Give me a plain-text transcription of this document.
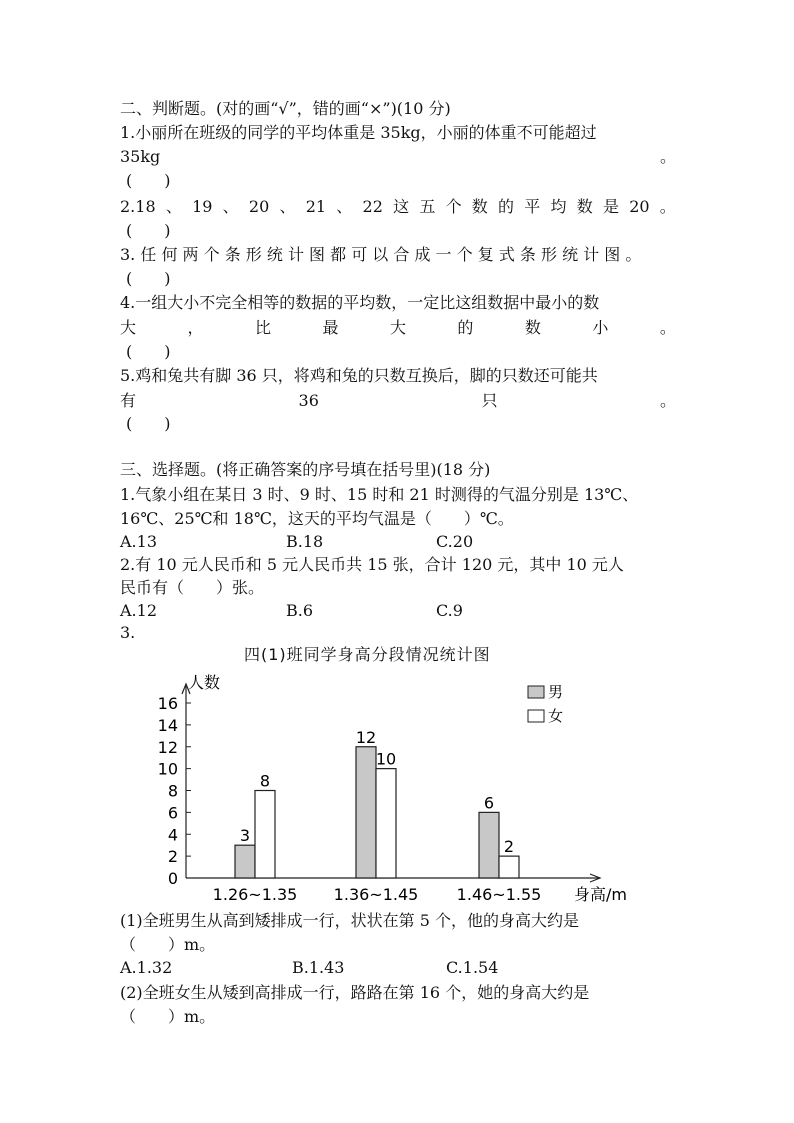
二、判断题。(对的画“√”，错的画“×”)(10 分)
1.小丽所在班级的同学的平均体重是 35kg，小丽的体重不可能超过
35kg	。
(　　)
2.18 、 19 、 20 、 21 、 22 这 五 个 数 的 平 均 数 是 20 。
(　　)
3. 任 何 两 个 条 形 统 计 图 都 可 以 合 成 一 个 复 式 条 形 统 计 图 。
(　　)
4.一组大小不完全相等的数据的平均数，一定比这组数据中最小的数
大	，	比	最	大	的	数	小	。
(　　)
5.鸡和兔共有脚 36 只，将鸡和兔的只数互换后，脚的只数还可能共
有	36	只	。
(　　)
三、选择题。(将正确答案的序号填在括号里)(18 分)
1.气象小组在某日 3 时、9 时、15 时和 21 时测得的气温分别是 13℃、
16℃、25℃和 18℃，这天的平均气温是（　　）℃。
A.13	B.18	C.20
2.有 10 元人民币和 5 元人民币共 15 张，合计 120 元，其中 10 元人
民币有（　　）张。
A.12	B.6	C.9
3.
四(1)班同学身高分段情况统计图
人数
身高/m
0
2
4
6
8
10
12
14
16
1.26~1.35
3
8
1.36~1.45
12
10
1.46~1.55
6
2
男
女
(1)全班男生从高到矮排成一行，状状在第 5 个，他的身高大约是
（　　）m。
A.1.32	B.1.43	C.1.54
(2)全班女生从矮到高排成一行，路路在第 16 个，她的身高大约是
（　　）m。
